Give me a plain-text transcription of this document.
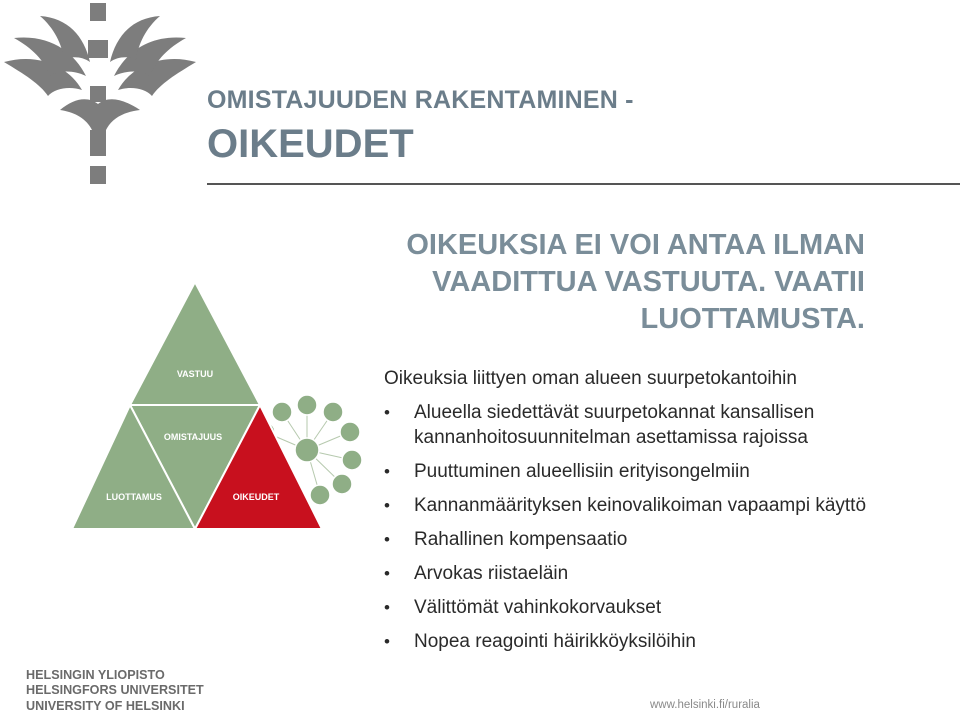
OMISTAJUUDEN RAKENTAMINEN -
OIKEUDET
OIKEUKSIA EI VOI ANTAA ILMAN
VAADITTUA VASTUUTA. VAATII
LUOTTAMUSTA.
VASTUU
OMISTAJUUS
LUOTTAMUS	OIKEUDET

Oikeuksia liittyen oman alueen suurpetokantoihin

• Alueella siedettävät suurpetokannat kansallisen kannanhoitosuunnitelman asettamissa rajoissa
• Puuttuminen alueellisiin erityisongelmiin
• Kannanmäärityksen keinovalikoiman vapaampi käyttö
• Rahallinen kompensaatio
• Arvokas riistaeläin
• Välittömät vahinkokorvaukset
• Nopea reagointi häirikköyksilöihin
HELSINGIN YLIOPISTO
HELSINGFORS UNIVERSITET
UNIVERSITY OF HELSINKI	www.helsinki.fi/ruralia
